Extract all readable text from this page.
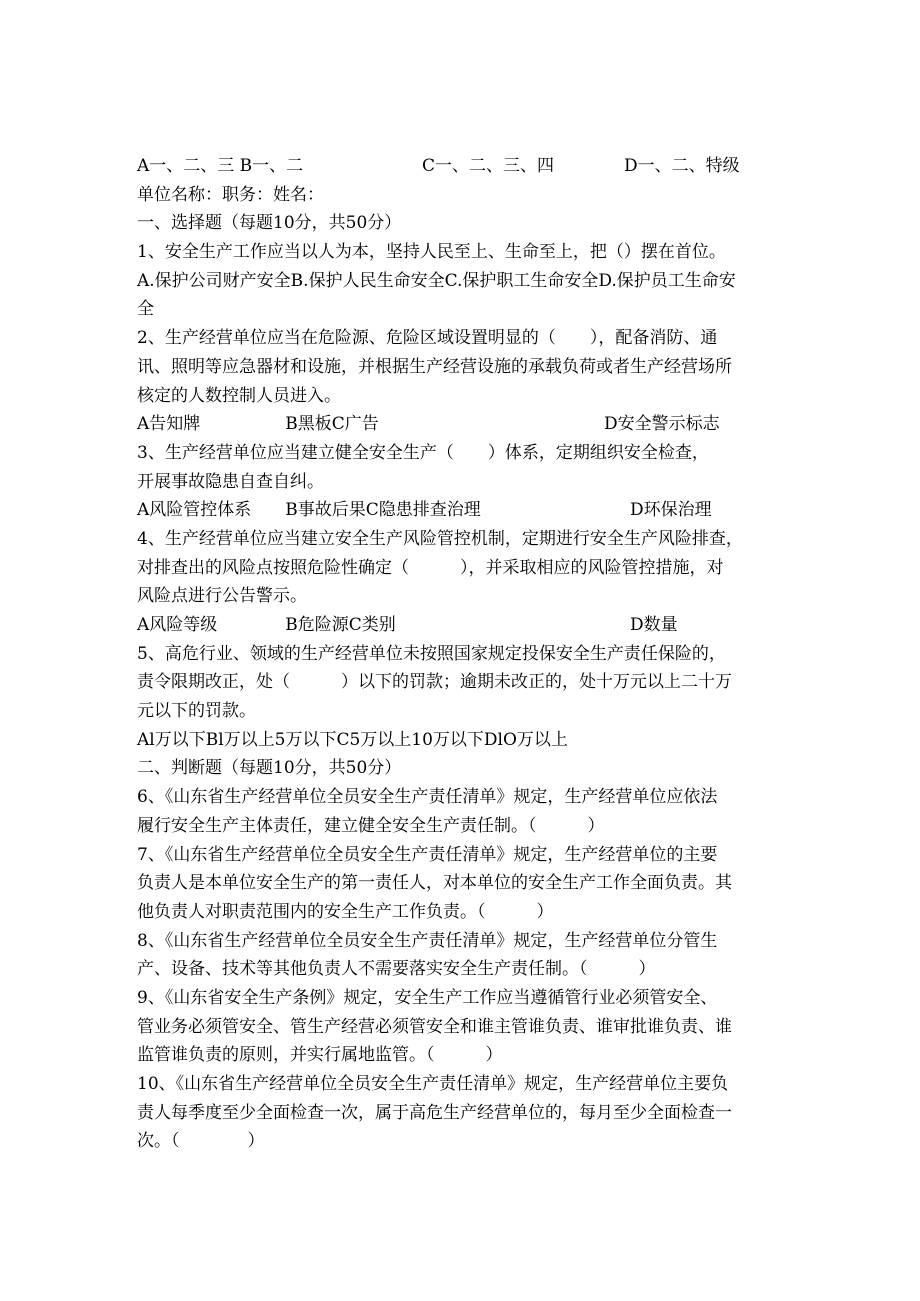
A一、二、三 B一、二	C一、二、三、四	D一、二、特级
单位名称：职务：姓名：
一、选择题（每题10分，共50分）
1、安全生产工作应当以人为本，坚持人民至上、生命至上，把（）摆在首位。
A.保护公司财产安全B.保护人民生命安全C.保护职工生命安全D.保护员工生命安
全
2、生产经营单位应当在危险源、危险区域设置明显的（　　），配备消防、通
讯、照明等应急器材和设施，并根据生产经营设施的承载负荷或者生产经营场所
核定的人数控制人员进入。
A告知牌　　　　　B黑板C广告	D安全警示标志
3、生产经营单位应当建立健全安全生产（　　）体系，定期组织安全检查，
开展事故隐患自查自纠。
A风险管控体系　　B事故后果C隐患排查治理	D环保治理
4、生产经营单位应当建立安全生产风险管控机制，定期进行安全生产风险排查，
对排查出的风险点按照危险性确定（　　　），并采取相应的风险管控措施，对
风险点进行公告警示。
A风险等级　　　　B危险源C类别	D数量
5、高危行业、领域的生产经营单位未按照国家规定投保安全生产责任保险的，
责令限期改正，处（　　　）以下的罚款；逾期未改正的，处十万元以上二十万
元以下的罚款。
Al万以下Bl万以上5万以下C5万以上10万以下DlO万以上
二、判断题（每题10分，共50分）
6、《山东省生产经营单位全员安全生产责任清单》规定，生产经营单位应依法
履行安全生产主体责任，建立健全安全生产责任制。（　　　）
7、《山东省生产经营单位全员安全生产责任清单》规定，生产经营单位的主要
负责人是本单位安全生产的第一责任人，对本单位的安全生产工作全面负责。其
他负责人对职责范围内的安全生产工作负责。（　　　）
8、《山东省生产经营单位全员安全生产责任清单》规定，生产经营单位分管生
产、设备、技术等其他负责人不需要落实安全生产责任制。（　　　）
9、《山东省安全生产条例》规定，安全生产工作应当遵循管行业必须管安全、
管业务必须管安全、管生产经营必须管安全和谁主管谁负责、谁审批谁负责、谁
监管谁负责的原则，并实行属地监管。（　　　）
10、《山东省生产经营单位全员安全生产责任清单》规定，生产经营单位主要负
责人每季度至少全面检查一次，属于高危生产经营单位的，每月至少全面检查一
次。（　　　　）
